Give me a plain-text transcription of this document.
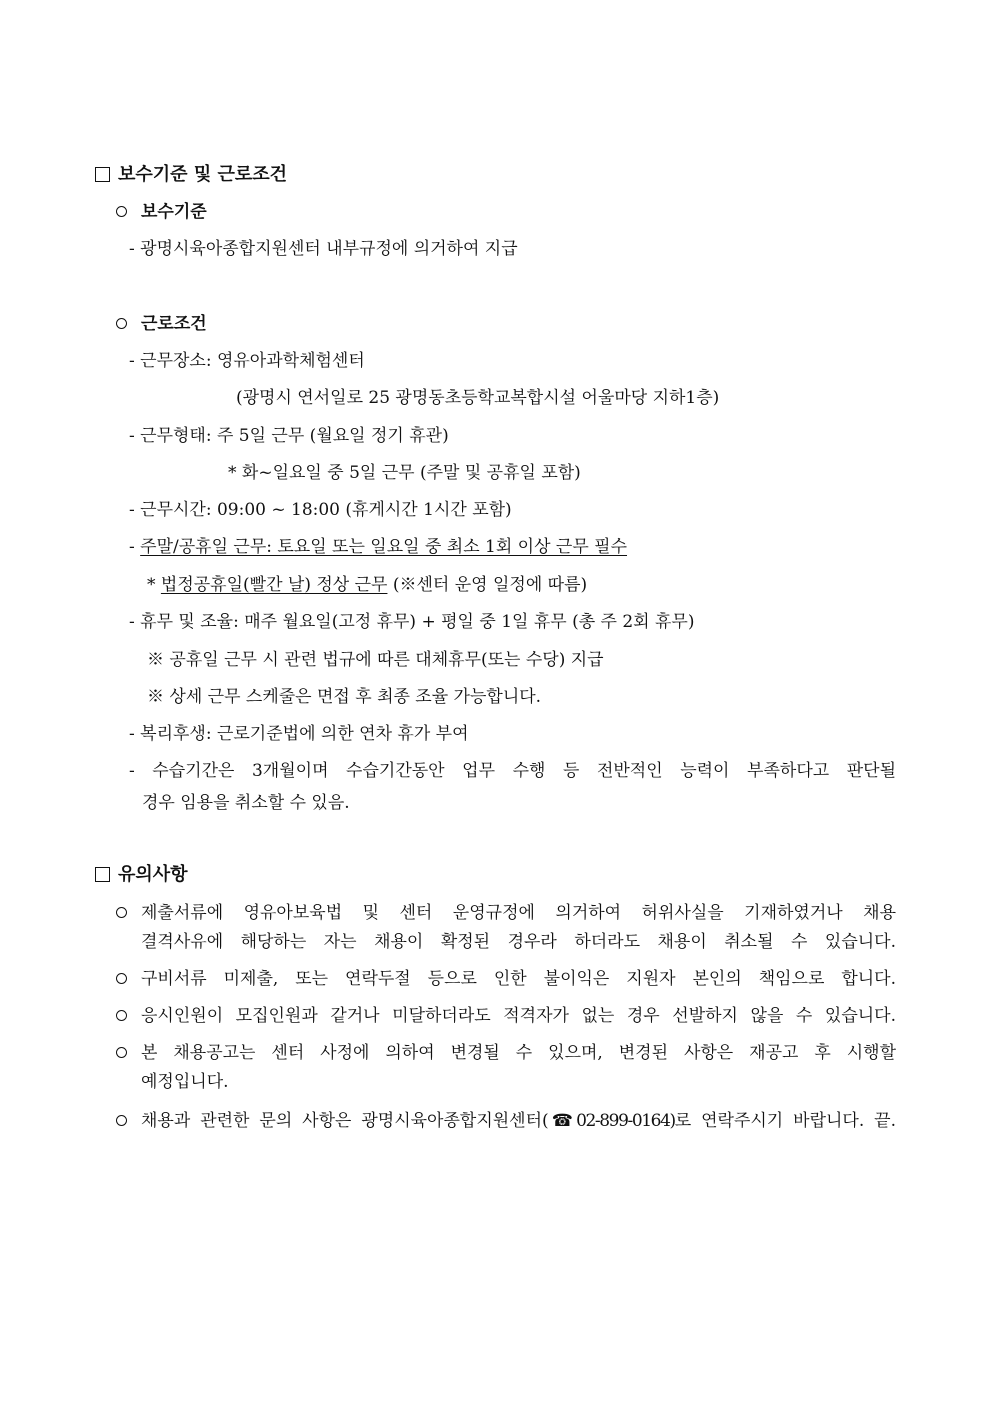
보수기준 및 근로조건
보수기준
- 광명시육아종합지원센터 내부규정에 의거하여 지급
근로조건
- 근무장소: 영유아과학체험센터
(광명시 연서일로 25 광명동초등학교복합시설 어울마당 지하1층)
- 근무형태: 주 5일 근무 (월요일 정기 휴관)
* 화~일요일 중 5일 근무 (주말 및 공휴일 포함)
- 근무시간: 09:00 ~ 18:00 (휴게시간 1시간 포함)
- 주말/공휴일 근무: 토요일 또는 일요일 중 최소 1회 이상 근무 필수
* 법정공휴일(빨간 날) 정상 근무 (※센터 운영 일정에 따름)
- 휴무 및 조율: 매주 월요일(고정 휴무) + 평일 중 1일 휴무 (총 주 2회 휴무)
※ 공휴일 근무 시 관련 법규에 따른 대체휴무(또는 수당) 지급
※ 상세 근무 스케줄은 면접 후 최종 조율 가능합니다.
- 복리후생: 근로기준법에 의한 연차 휴가 부여
- 수습기간은 3개월이며 수습기간동안 업무 수행 등 전반적인 능력이 부족하다고 판단될
경우 임용을 취소할 수 있음.
유의사항
제출서류에 영유아보육법 및 센터 운영규정에 의거하여 허위사실을 기재하였거나 채용
결격사유에 해당하는 자는 채용이 확정된 경우라 하더라도 채용이 취소될 수 있습니다.
구비서류 미제출, 또는 연락두절 등으로 인한 불이익은 지원자 본인의 책임으로 합니다.
응시인원이 모집인원과 같거나 미달하더라도 적격자가 없는 경우 선발하지 않을 수 있습니다.
본 채용공고는 센터 사정에 의하여 변경될 수 있으며, 변경된 사항은 재공고 후 시행할
예정입니다.
채용과 관련한 문의 사항은 광명시육아종합지원센터(☎02-899-0164)로 연락주시기 바랍니다. 끝.
